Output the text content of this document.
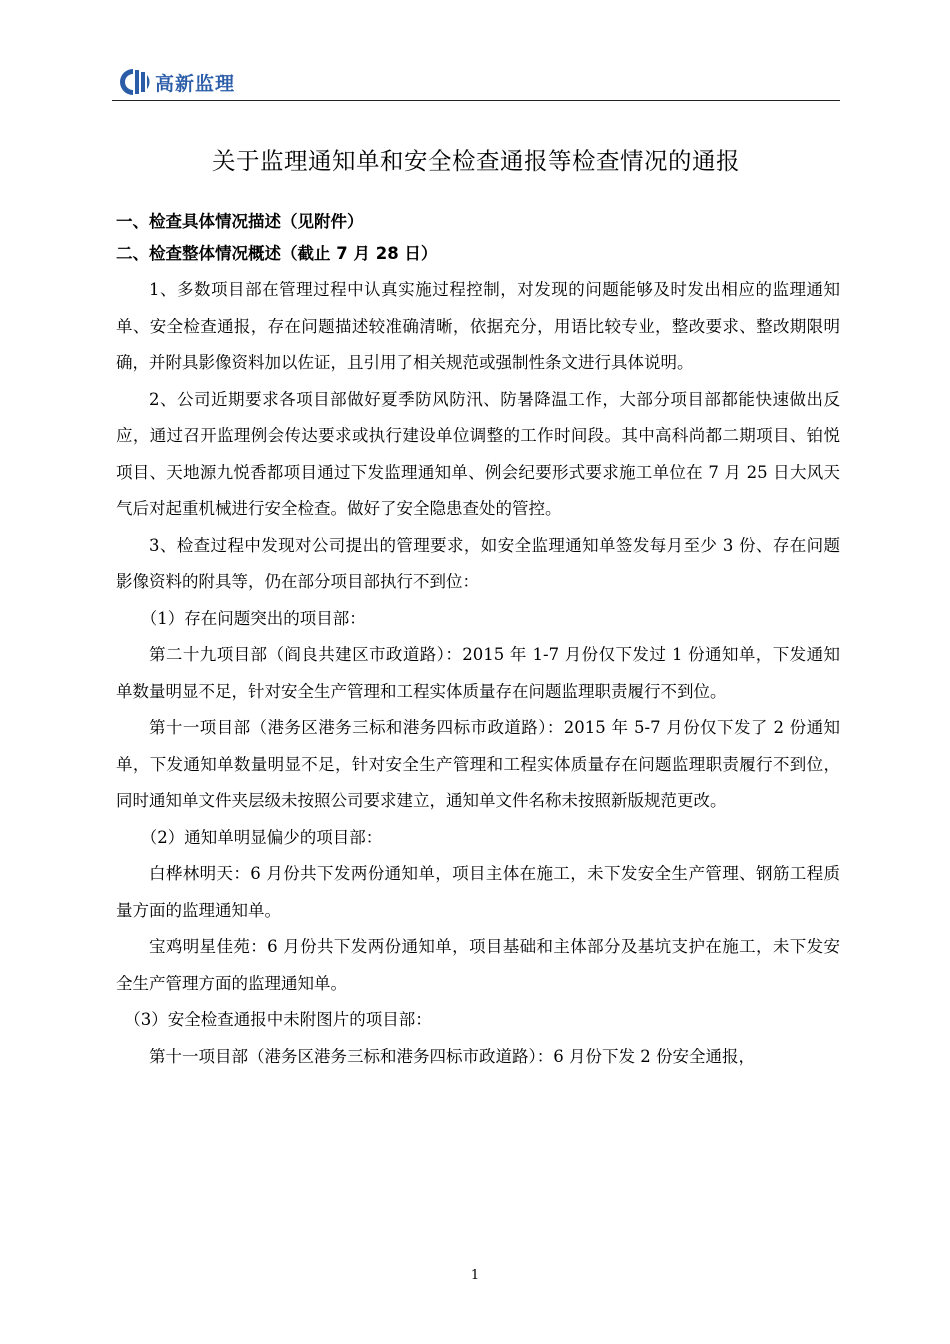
高新监理
关于监理通知单和安全检查通报等检查情况的通报

一、检查具体情况描述（见附件）

二、检查整体情况概述（截止 7 月 28 日）

1、多数项目部在管理过程中认真实施过程控制，对发现的问题能够及时发出相应的监理通知单、安全检查通报，存在问题描述较准确清晰，依据充分，用语比较专业，整改要求、整改期限明确，并附具影像资料加以佐证，且引用了相关规范或强制性条文进行具体说明。

2、公司近期要求各项目部做好夏季防风防汛、防暑降温工作，大部分项目部都能快速做出反应，通过召开监理例会传达要求或执行建设单位调整的工作时间段。其中高科尚都二期项目、铂悦项目、天地源九悦香都项目通过下发监理通知单、例会纪要形式要求施工单位在 7 月 25 日大风天气后对起重机械进行安全检查。做好了安全隐患查处的管控。

3、检查过程中发现对公司提出的管理要求，如安全监理通知单签发每月至少 3 份、存在问题影像资料的附具等，仍在部分项目部执行不到位：

（1）存在问题突出的项目部：

第二十九项目部（阎良共建区市政道路）：2015 年 1-7 月份仅下发过 1 份通知单，下发通知单数量明显不足，针对安全生产管理和工程实体质量存在问题监理职责履行不到位。

第十一项目部（港务区港务三标和港务四标市政道路）：2015 年 5-7 月份仅下发了 2 份通知单，下发通知单数量明显不足，针对安全生产管理和工程实体质量存在问题监理职责履行不到位，同时通知单文件夹层级未按照公司要求建立，通知单文件名称未按照新版规范更改。

（2）通知单明显偏少的项目部：

白桦林明天：6 月份共下发两份通知单，项目主体在施工，未下发安全生产管理、钢筋工程质量方面的监理通知单。

宝鸡明星佳苑：6 月份共下发两份通知单，项目基础和主体部分及基坑支护在施工，未下发安全生产管理方面的监理通知单。

（3）安全检查通报中未附图片的项目部：

第十一项目部（港务区港务三标和港务四标市政道路）：6 月份下发 2 份安全通报，

1
